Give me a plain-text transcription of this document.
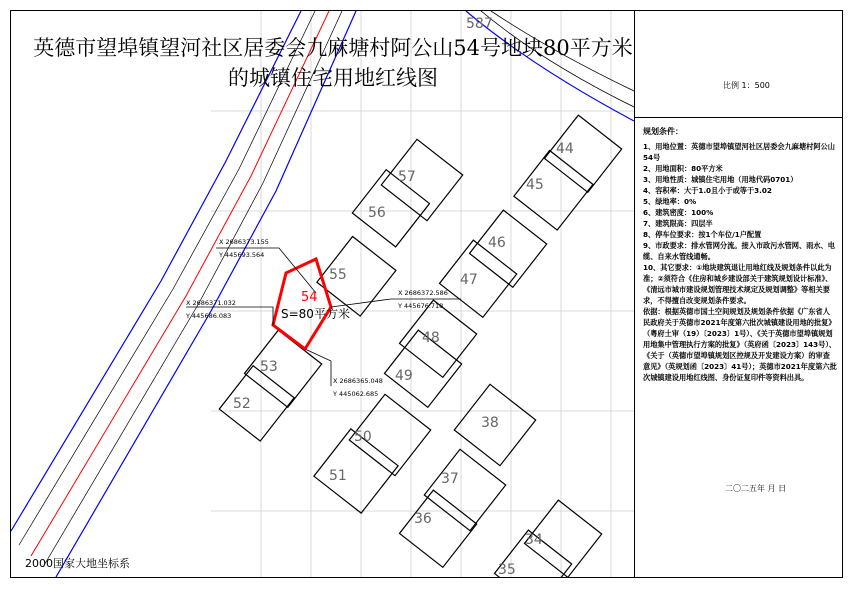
X 2686373.155
Y 445693.564
X 2686371.032
Y 445686.083
X 2686372.586
Y 445676.718
X 2686365.048
Y 445062.685
54
S=80平方米
57
56
55
53
52
51
50
49
48
47
46
45
44
38
37
36
35
34
587
英德市望埠镇望河社区居委会九麻塘村阿公山54号地块80平方米
的城镇住宅用地红线图
2000国家大地坐标系
比例 1：500
规划条件：
1、用地位置：英德市望埠镇望河社区居委会九麻塘村阿公山54号
2、用地面积：80平方米
3、用地性质：城镇住宅用地（用地代码0701）
4、容积率：大于1.0且小于或等于3.02
5、绿地率：0%
6、建筑密度：100%
7、建筑限高：四层半
8、停车位要求：按1个车位/1户配置
9、市政要求：排水管网分流。接入市政污水管网、雨水、电缆、自来水管线通畅。
10、其它要求：①地块建筑退让用地红线及规划条件以此为准；②须符合《住房和城乡建设部关于建筑规划设计标准》、《清远市城市建设规划管理技术规定及规划调整》等相关要求，不得擅自改变规划条件要求。
依据：根据英德市国土空间规划及规划条件依据《广东省人民政府关于英德市2021年度第六批次城镇建设用地的批复》（粤府土审（19）〔2023〕1号）、《关于英德市望埠镇规划用地集中管理执行方案的批复》（英府函〔2023〕143号）、《关于（英德市望埠镇规划区控规及开发建设方案）的审查意见》（英规划函〔2023〕41号）；英德市2021年度第六批次城镇建设用地红线图、身份证复印件等资料出具。
二〇二五年 月 日
